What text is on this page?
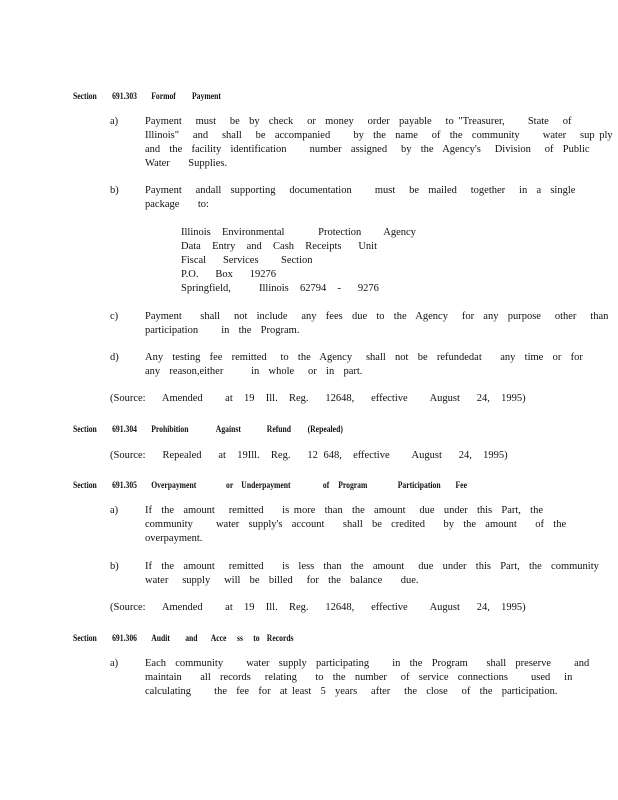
Section 691.303 Formof Payment
a)	Payment   must   be  by  check   or  money   order  payable   to "Treasurer,     State   of
Illinois"   and   shall   be  accompanied     by  the  name   of  the  community     water   sup ply
and  the  facility  identification     number  assigned   by  the  Agency's   Division   of  Public
Water    Supplies.
b)	Payment   andall  supporting   documentation     must   be  mailed   together   in  a  single
package    to:
Illinois  Environmental      Protection    Agency
Data  Entry  and  Cash  Receipts   Unit
Fiscal   Services    Section
P.O.   Box   19276
Springfield,     Illinois  62794  -   9276
c)	Payment    shall   not  include   any  fees  due  to  the  Agency   for  any  purpose   other   than
participation     in  the  Program.
d)	Any  testing  fee  remitted   to  the  Agency   shall  not  be  refundedat    any  time  or  for
any  reason,either      in  whole   or  in  part.
(Source:   Amended    at  19  Ill.  Reg.   12648,   effective    August   24,  1995)
Section 691.304 Prohibition	Against	Refund (Repealed)
(Source:   Repealed   at  19Ill.  Reg.   12 648,  effective    August   24,  1995)
Section 691.305 Overpayment	or Underpayment	of Program	Participation Fee
a)	If  the  amount   remitted    is more  than  the  amount   due  under  this  Part,  the
community     water  supply's  account    shall  be  credited    by  the  amount    of  the
overpayment.
b)	If  the  amount   remitted    is  less  than  the  amount   due  under  this  Part,  the  community
water   supply   will  be  billed   for  the  balance    due.
(Source:   Amended    at  19  Ill.  Reg.   12648,   effective    August   24,  1995)
Section 691.306 Audit and Acce ss to Records
a)	Each  community     water  supply  participating     in  the  Program    shall  preserve     and
maintain    all  records   relating    to  the  number   of  service  connections     used   in
calculating     the  fee  for  at least  5  years   after   the  close   of  the  participation.
